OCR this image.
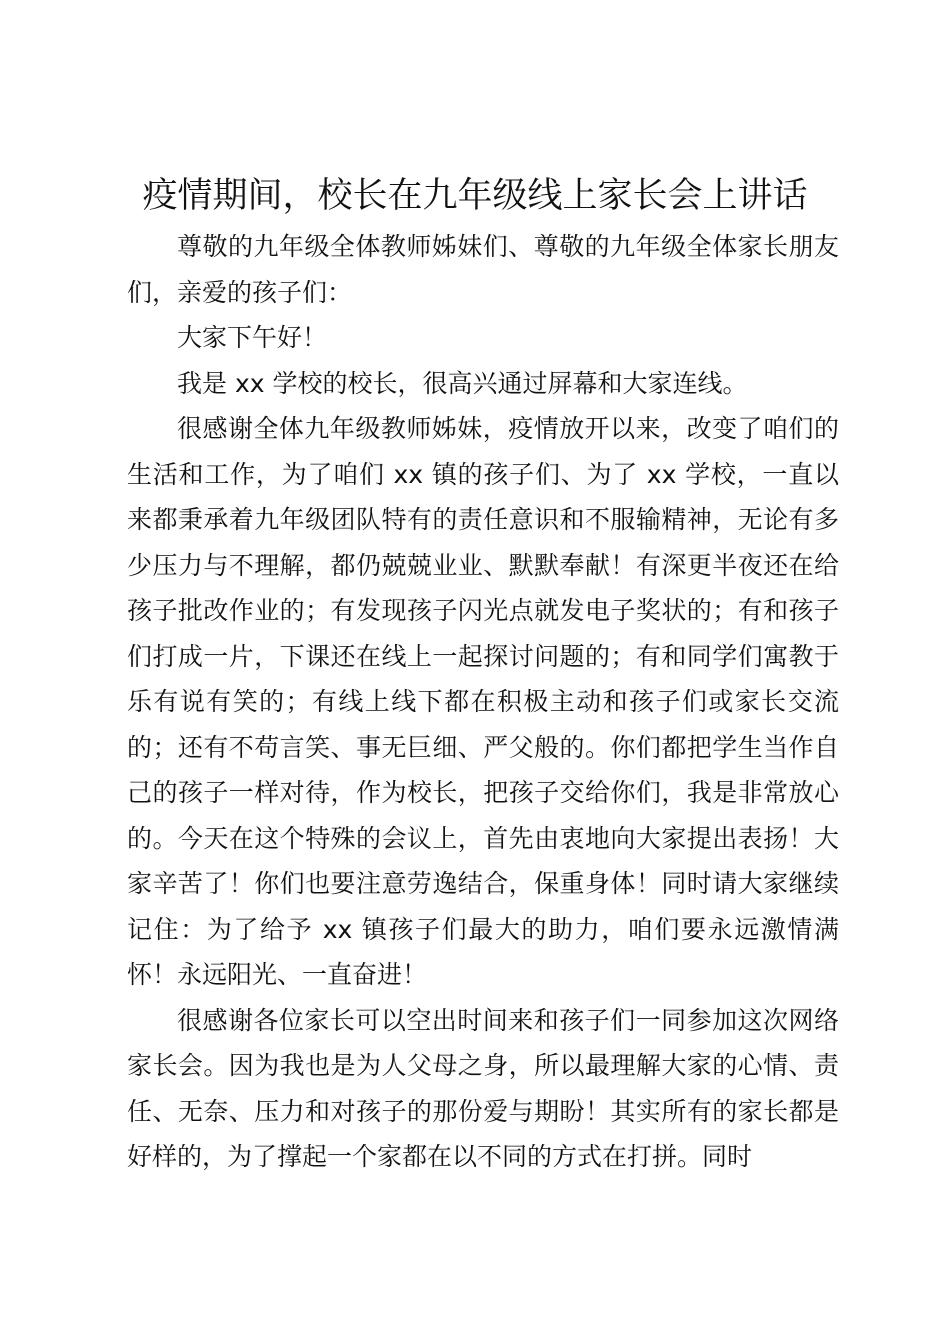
疫情期间，校长在九年级线上家长会上讲话

尊敬的九年级全体教师姊妹们、尊敬的九年级全体家长朋友们，亲爱的孩子们：

大家下午好！

我是 xx 学校的校长，很高兴通过屏幕和大家连线。

很感谢全体九年级教师姊妹，疫情放开以来，改变了咱们的生活和工作，为了咱们 xx 镇的孩子们、为了 xx 学校，一直以来都秉承着九年级团队特有的责任意识和不服输精神，无论有多少压力与不理解，都仍兢兢业业、默默奉献！有深更半夜还在给孩子批改作业的；有发现孩子闪光点就发电子奖状的；有和孩子们打成一片，下课还在线上一起探讨问题的；有和同学们寓教于乐有说有笑的；有线上线下都在积极主动和孩子们或家长交流的；还有不苟言笑、事无巨细、严父般的。你们都把学生当作自己的孩子一样对待，作为校长，把孩子交给你们，我是非常放心的。今天在这个特殊的会议上，首先由衷地向大家提出表扬！大家辛苦了！你们也要注意劳逸结合，保重身体！同时请大家继续记住：为了给予 xx 镇孩子们最大的助力，咱们要永远激情满怀！永远阳光、一直奋进！

很感谢各位家长可以空出时间来和孩子们一同参加这次网络家长会。因为我也是为人父母之身，所以最理解大家的心情、责任、无奈、压力和对孩子的那份爱与期盼！其实所有的家长都是好样的，为了撑起一个家都在以不同的方式在打拼。同时
